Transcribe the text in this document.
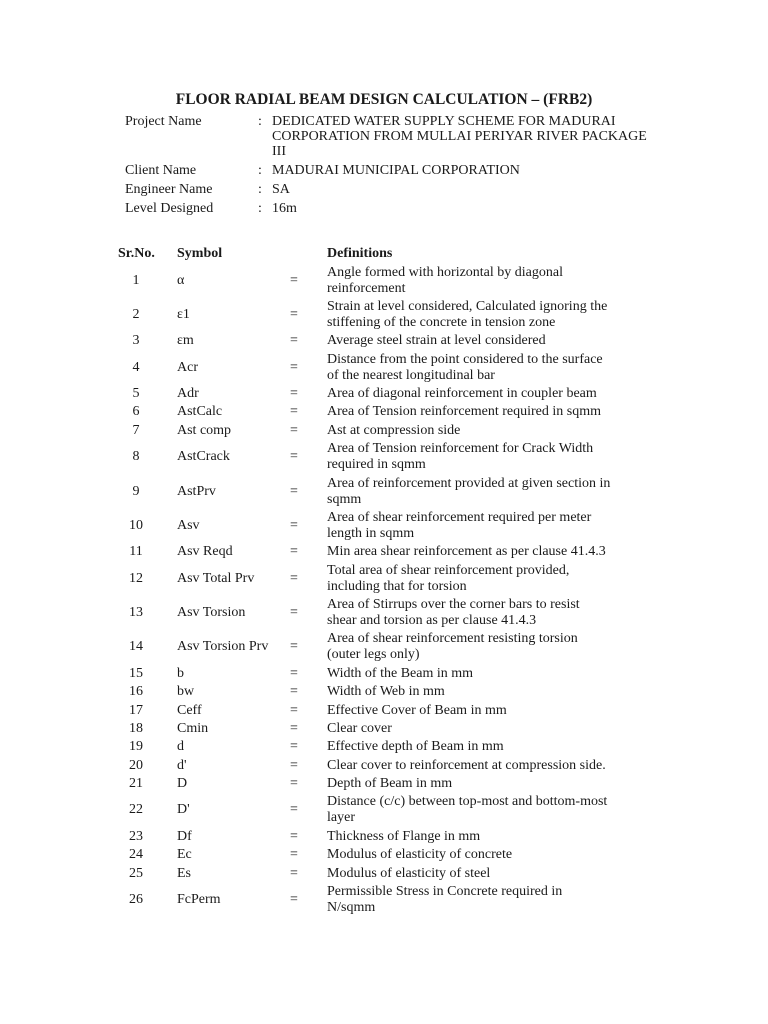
FLOOR RADIAL BEAM DESIGN CALCULATION – (FRB2)
Project Name	: DEDICATED WATER SUPPLY SCHEME FOR MADURAI
CORPORATION FROM MULLAI PERIYAR RIVER PACKAGE
III
Client Name	: MADURAI MUNICIPAL CORPORATION
Engineer Name	: SA
Level Designed	: 16m
Sr.No. Symbol	Definitions
1	α	=
Angle formed with horizontal by diagonal
reinforcement
2	ε1	=
Strain at level considered, Calculated ignoring the
stiffening of the concrete in tension zone
3	εm	= Average steel strain at level considered
4	Acr	=
Distance from the point considered to the surface
of the nearest longitudinal bar
5	Adr	= Area of diagonal reinforcement in coupler beam
6	AstCalc	= Area of Tension reinforcement required in sqmm
7	Ast comp	= Ast at compression side
8	AstCrack	=
Area of Tension reinforcement for Crack Width
required in sqmm
9	AstPrv	=
Area of reinforcement provided at given section in
sqmm
10	Asv	=
Area of shear reinforcement required per meter
length in sqmm
11	Asv Reqd	= Min area shear reinforcement as per clause 41.4.3
12	Asv Total Prv	=
Total area of shear reinforcement provided,
including that for torsion
13	Asv Torsion	=
Area of Stirrups over the corner bars to resist
shear and torsion as per clause 41.4.3
14	Asv Torsion Prv	=
Area of shear reinforcement resisting torsion
(outer legs only)
15	b	= Width of the Beam in mm
16	bw	= Width of Web in mm
17	Ceff	= Effective Cover of Beam in mm
18	Cmin	= Clear cover
19	d	= Effective depth of Beam in mm
20	d'	= Clear cover to reinforcement at compression side.
21	D	= Depth of Beam in mm
22	D'	=
Distance (c/c) between top-most and bottom-most
layer
23	Df	= Thickness of Flange in mm
24	Ec	= Modulus of elasticity of concrete
25	Es	= Modulus of elasticity of steel
26	FcPerm	=
Permissible Stress in Concrete required in
N/sqmm
